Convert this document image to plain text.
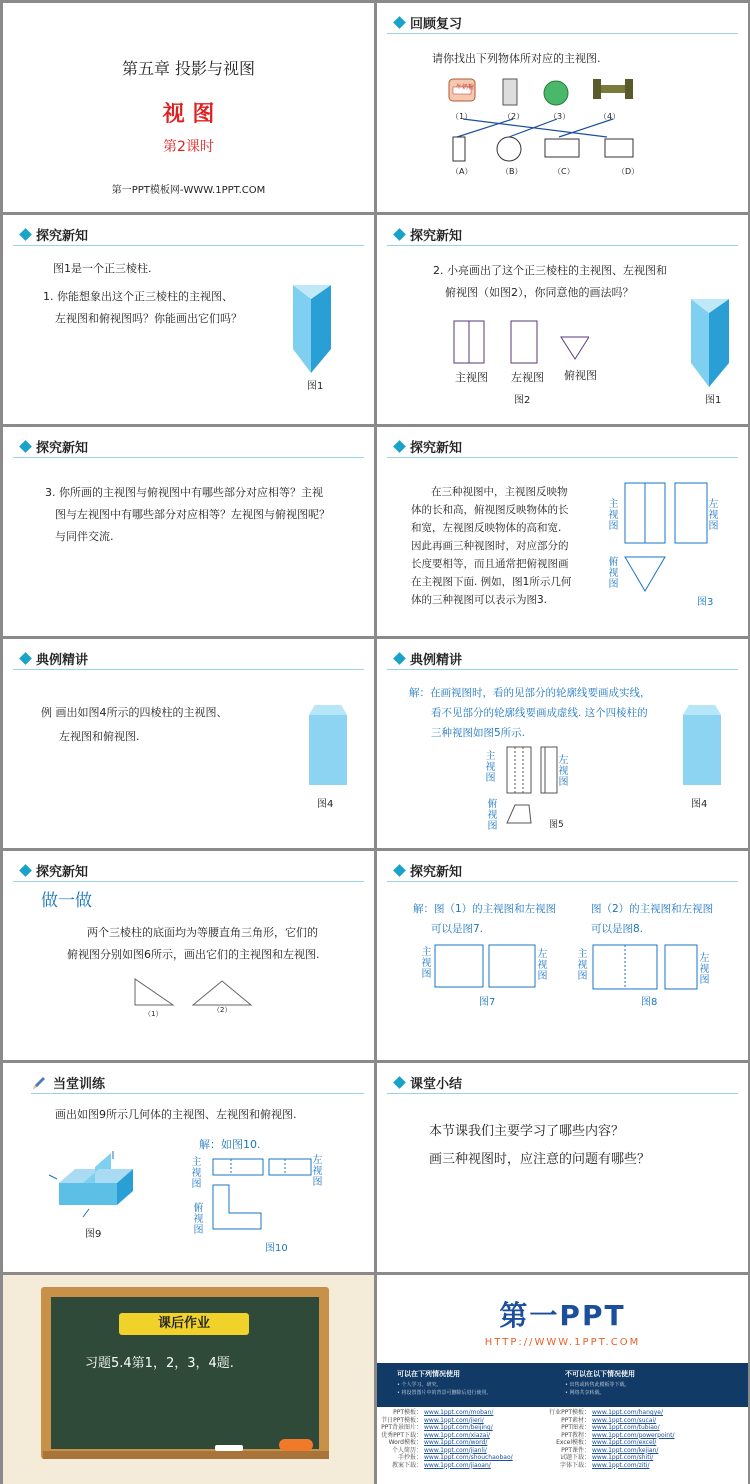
第五章 投影与视图
视 图
第2课时
第一PPT模板网-WWW.1PPT.COM
回顾复习
请你找出下列物体所对应的主视图.
牛奶糖
（1）	（2）	（3）	（4）
（A）	（B）	（C）	（D）
探究新知
图1是一个正三棱柱.
1. 你能想象出这个正三棱柱的主视图、
左视图和俯视图吗？你能画出它们吗？
图1
探究新知
2. 小亮画出了这个正三棱柱的主视图、左视图和
俯视图（如图2），你同意他的画法吗？
主视图 左视图 俯视图
图2	图1
探究新知
3. 你所画的主视图与俯视图中有哪些部分对应相等？主视
图与左视图中有哪些部分对应相等？左视图与俯视图呢？
与同伴交流.
探究新知
在三种视图中，主视图反映物
体的长和高，俯视图反映物体的长
和宽，左视图反映物体的高和宽.
因此再画三种视图时，对应部分的
长度要相等，而且通常把俯视图画
在主视图下面. 例如，图1所示几何
体的三种视图可以表示为图3.
主视图
左视图
俯视图
图3
典例精讲
例 画出如图4所示的四棱柱的主视图、
左视图和俯视图.
图4
典例精讲
解：在画视图时，看的见部分的轮廓线要画成实线，
看不见部分的轮廓线要画成虚线. 这个四棱柱的
三种视图如图5所示.
主视图
左视图
俯视图	图5
图4
探究新知
做一做
两个三棱柱的底面均为等腰直角三角形，它们的
俯视图分别如图6所示，画出它们的主视图和左视图.
（1）	（2）
探究新知
解：图（1）的主视图和左视图
可以是图7.
图（2）的主视图和左视图
可以是图8.
主视图
左视图
主视图
左视图
图7	图8
当堂训练
画出如图9所示几何体的主视图、左视图和俯视图.
图9
解：如图10.
主视图
左视图
俯视图
图10
课堂小结
本节课我们主要学习了哪些内容？
画三种视图时，应注意的问题有哪些？
课后作业
习题5.4第1，2，3，4题.
第一PPT
HTTP://WWW.1PPT.COM
可以在下列情况使用
• 个人学习、研究。
• 将设置图片中的背景可删除后进行使用。
不可以在以下情况使用
• 出售或转售此模板等下载。
• 网络共享转载。
PPT模板： www.1ppt.com/moban/
节日PPT模板： www.1ppt.com/jieri/
PPT背景图片： www.1ppt.com/beijing/
优秀PPT下载： www.1ppt.com/xiazai/
Word模板： www.1ppt.com/word/
个人简历： www.1ppt.com/jianli/
手抄报： www.1ppt.com/shouchaobao/
教案下载： www.1ppt.com/jiaoan/
行业PPT模板： www.1ppt.com/hangye/
PPT素材： www.1ppt.com/sucai/
PPT图表： www.1ppt.com/tubiao/
PPT教程： www.1ppt.com/powerpoint/
Excel模板： www.1ppt.com/excel/
PPT课件： www.1ppt.com/kejian/
试题下载： www.1ppt.com/shiti/
字体下载： www.1ppt.com/ziti/
